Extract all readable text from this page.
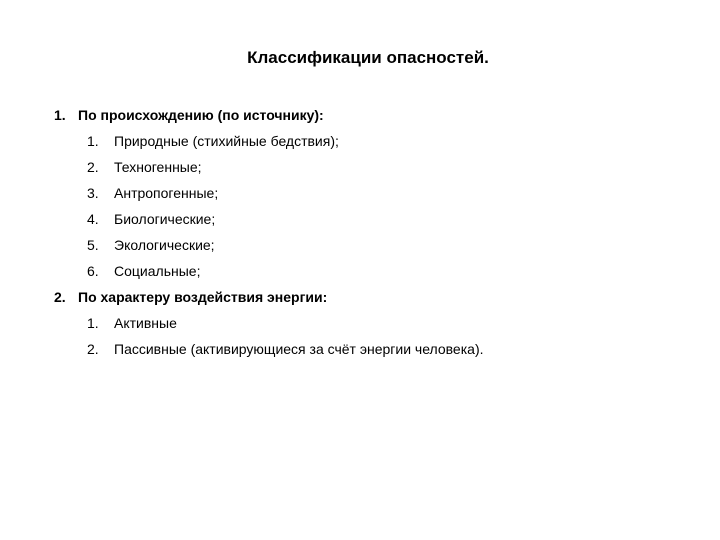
Классификации опасностей.
1. По происхождению (по источнику):
1.	Природные (стихийные бедствия);
2.	Техногенные;
3.	Антропогенные;
4.	Биологические;
5.	Экологические;
6.	Социальные;
2. По характеру воздействия энергии:
1.	Активные
2.	Пассивные (активирующиеся за счёт энергии человека).
